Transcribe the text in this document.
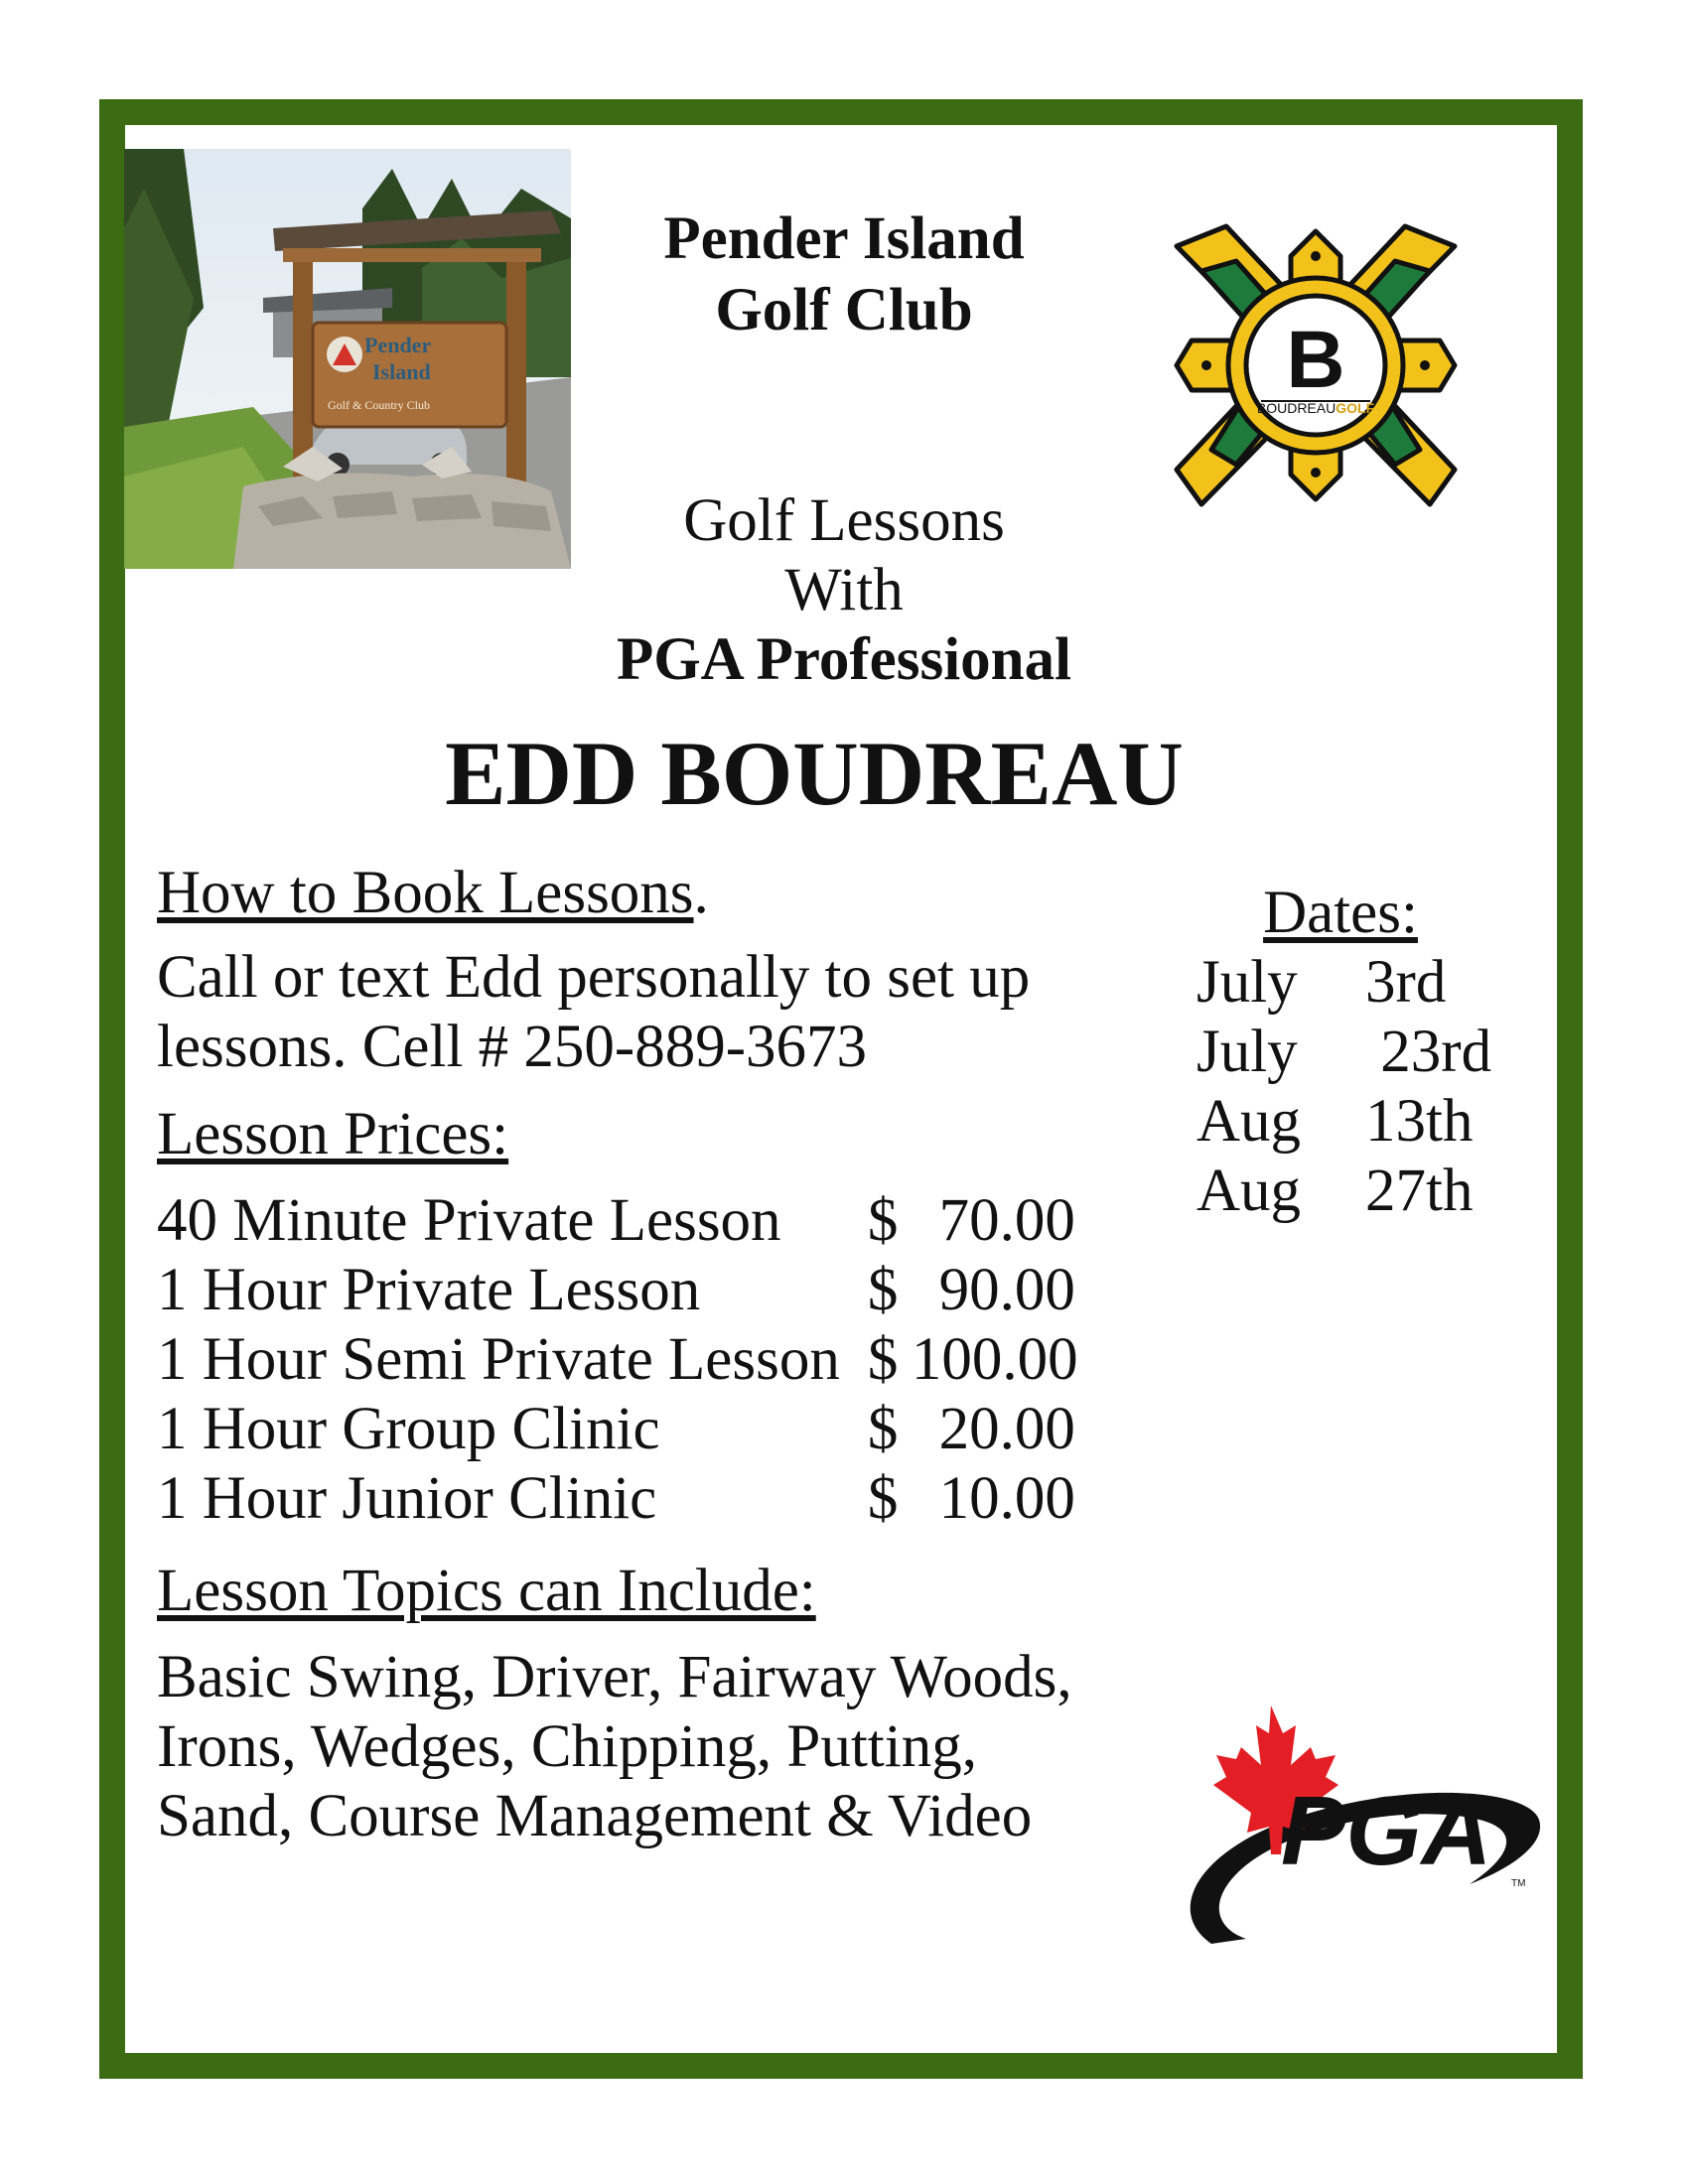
Pender
Island
Golf & Country Club
Pender Island
Golf Club
B
BOUDREAUGOLF
Golf Lessons
With
PGA Professional
EDD BOUDREAU
How to Book Lessons.
Call or text Edd personally to set up
lessons. Cell # 250-889-3673
Lesson Prices:
40 Minute Private Lesson	$ 70.00
1 Hour Private Lesson	$ 90.00
1 Hour Semi Private Lesson	$ 100.00
1 Hour Group Clinic	$ 20.00
1 Hour Junior Clinic	$ 10.00
Lesson Topics can Include:
Basic Swing, Driver, Fairway Woods,
Irons, Wedges, Chipping, Putting,
Sand, Course Management & Video
Dates:
July	3rd
July	23rd
Aug	13th
Aug	27th
PGA TM
